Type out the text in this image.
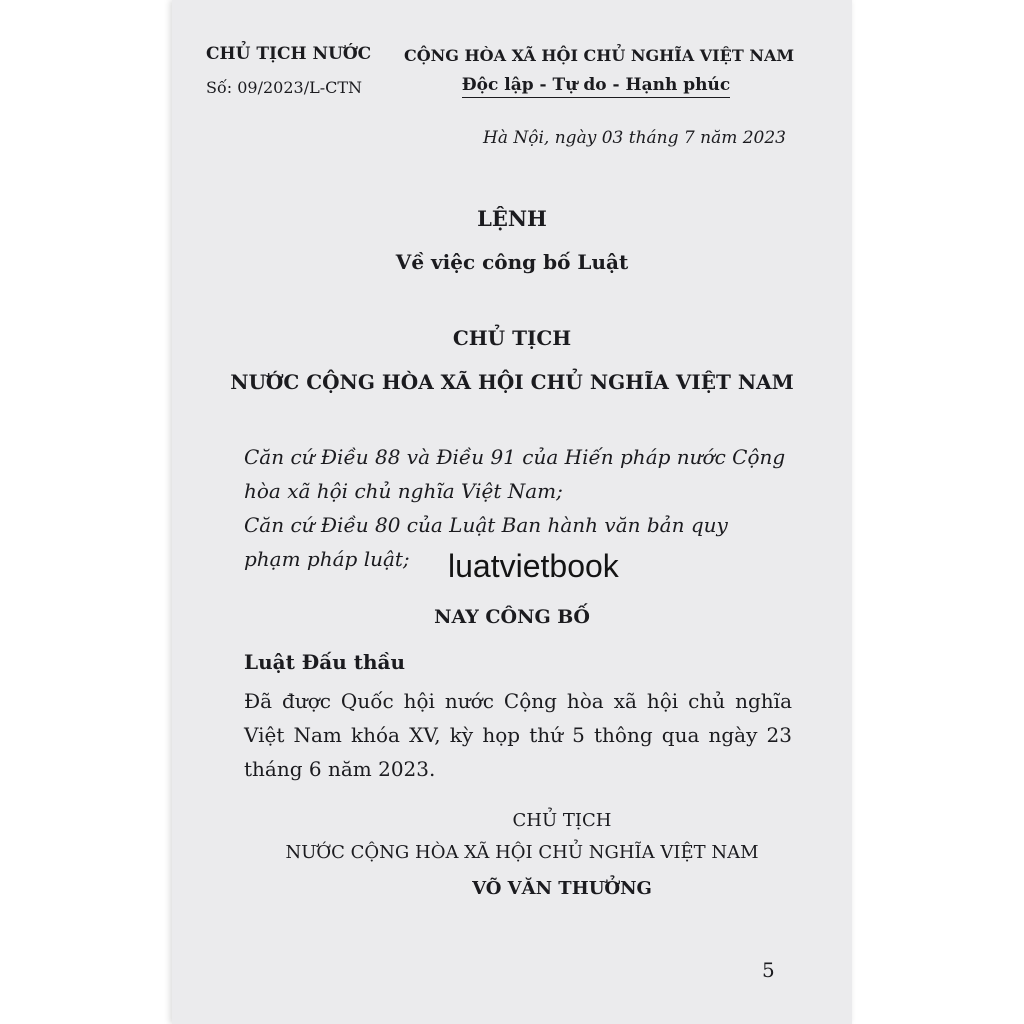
CHỦ TỊCH NƯỚC
Số: 09/2023/L-CTN
CỘNG HÒA XÃ HỘI CHỦ NGHĨA VIỆT NAM
Độc lập - Tự do - Hạnh phúc
Hà Nội, ngày 03 tháng 7 năm 2023
LỆNH
Về việc công bố Luật
CHỦ TỊCH
NƯỚC CỘNG HÒA XÃ HỘI CHỦ NGHĨA VIỆT NAM
Căn cứ Điều 88 và Điều 91 của Hiến pháp nước Cộng hòa xã hội chủ nghĩa Việt Nam;
Căn cứ Điều 80 của Luật Ban hành văn bản quy phạm pháp luật;	luatvietbook
NAY CÔNG BỐ
Luật Đấu thầu
Đã được Quốc hội nước Cộng hòa xã hội chủ nghĩa Việt Nam khóa XV, kỳ họp thứ 5 thông qua ngày 23 tháng 6 năm 2023.
CHỦ TỊCH
NƯỚC CỘNG HÒA XÃ HỘI CHỦ NGHĨA VIỆT NAM
VÕ VĂN THƯỞNG
5
